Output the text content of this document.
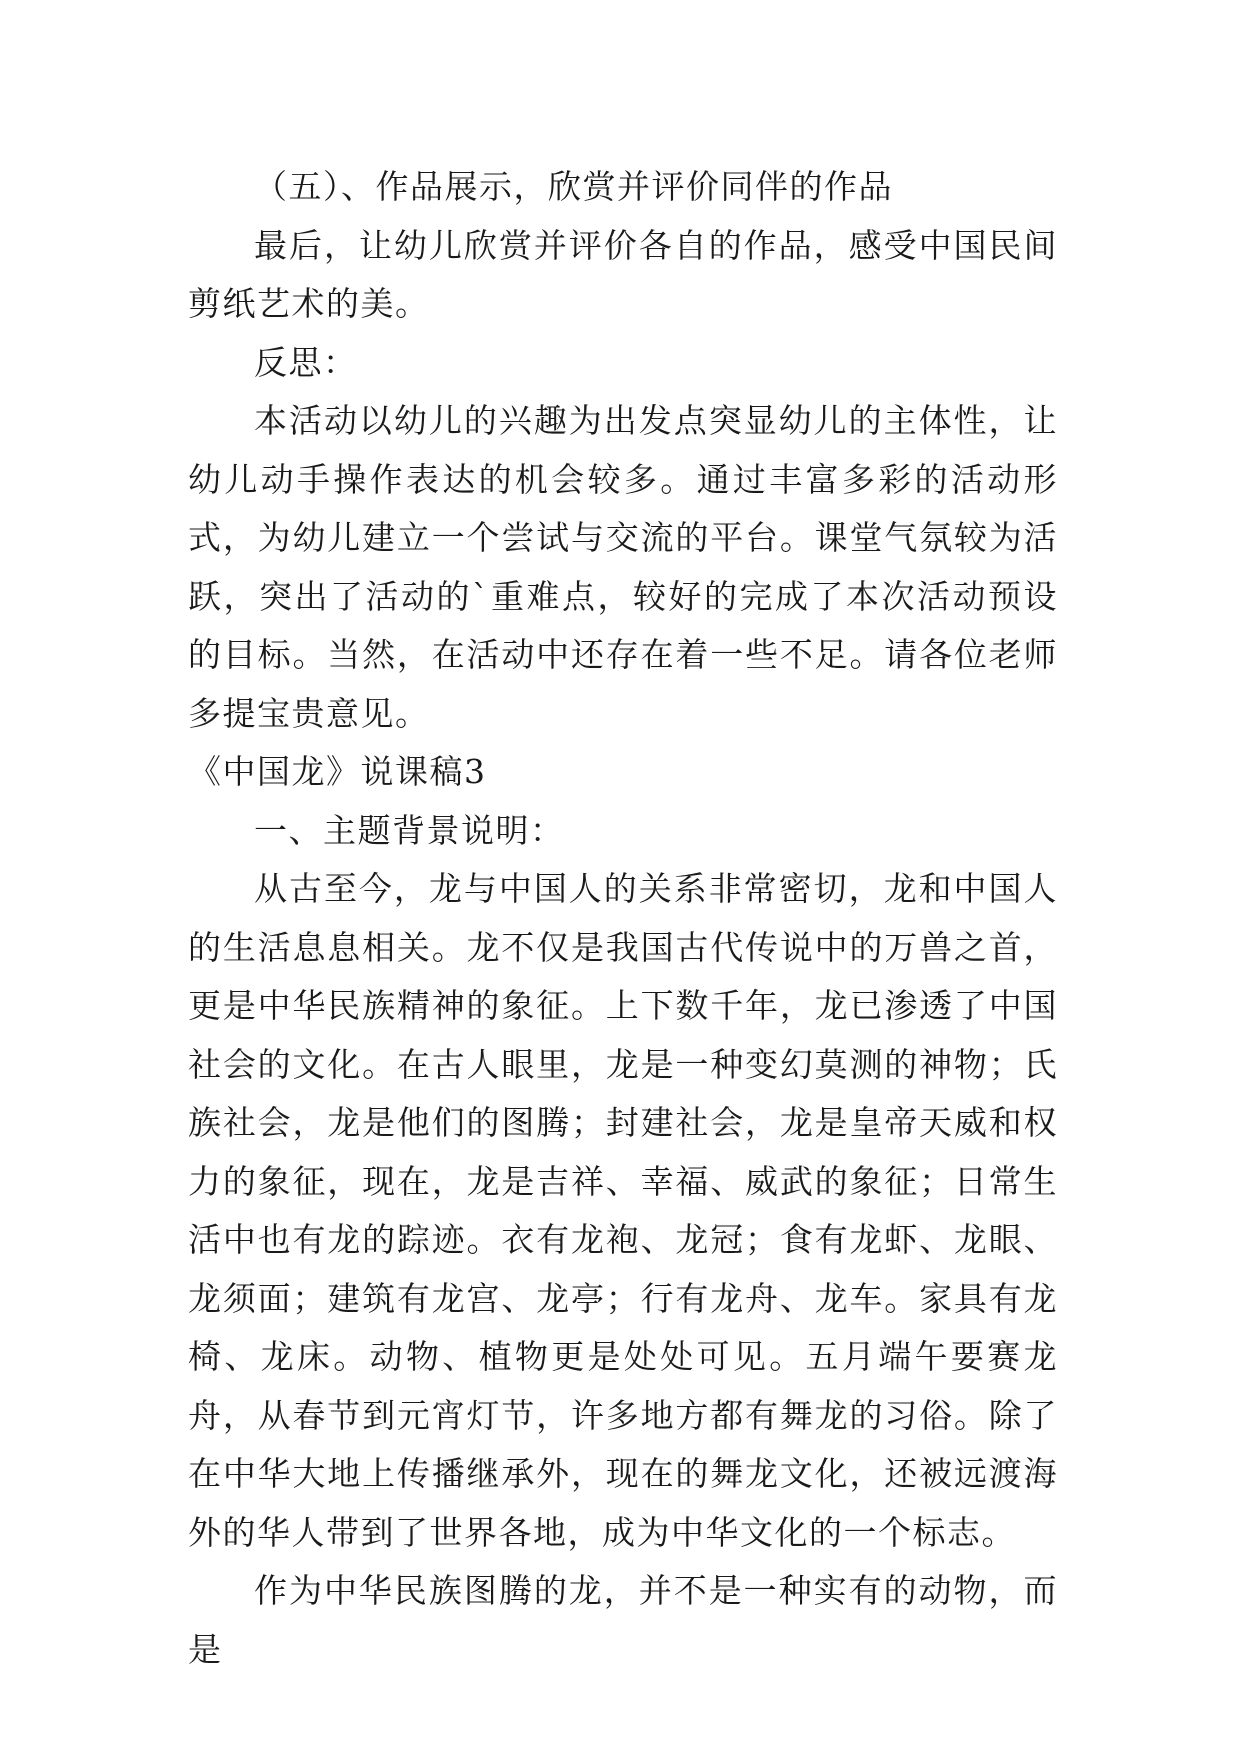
（五）、作品展示，欣赏并评价同伴的作品

最后，让幼儿欣赏并评价各自的作品，感受中国民间剪纸艺术的美。

反思：

本活动以幼儿的兴趣为出发点突显幼儿的主体性，让幼儿动手操作表达的机会较多。通过丰富多彩的活动形式，为幼儿建立一个尝试与交流的平台。课堂气氛较为活跃，突出了活动的`重难点，较好的完成了本次活动预设的目标。当然，在活动中还存在着一些不足。请各位老师多提宝贵意见。

《中国龙》说课稿3

一、主题背景说明：

从古至今，龙与中国人的关系非常密切，龙和中国人的生活息息相关。龙不仅是我国古代传说中的万兽之首，更是中华民族精神的象征。上下数千年，龙已渗透了中国社会的文化。在古人眼里，龙是一种变幻莫测的神物；氏族社会，龙是他们的图腾；封建社会，龙是皇帝天威和权力的象征，现在，龙是吉祥、幸福、威武的象征；日常生活中也有龙的踪迹。衣有龙袍、龙冠；食有龙虾、龙眼、龙须面；建筑有龙宫、龙亭；行有龙舟、龙车。家具有龙椅、龙床。动物、植物更是处处可见。五月端午要赛龙舟，从春节到元宵灯节，许多地方都有舞龙的习俗。除了在中华大地上传播继承外，现在的舞龙文化，还被远渡海外的华人带到了世界各地，成为中华文化的一个标志。

作为中华民族图腾的龙，并不是一种实有的动物，而是
